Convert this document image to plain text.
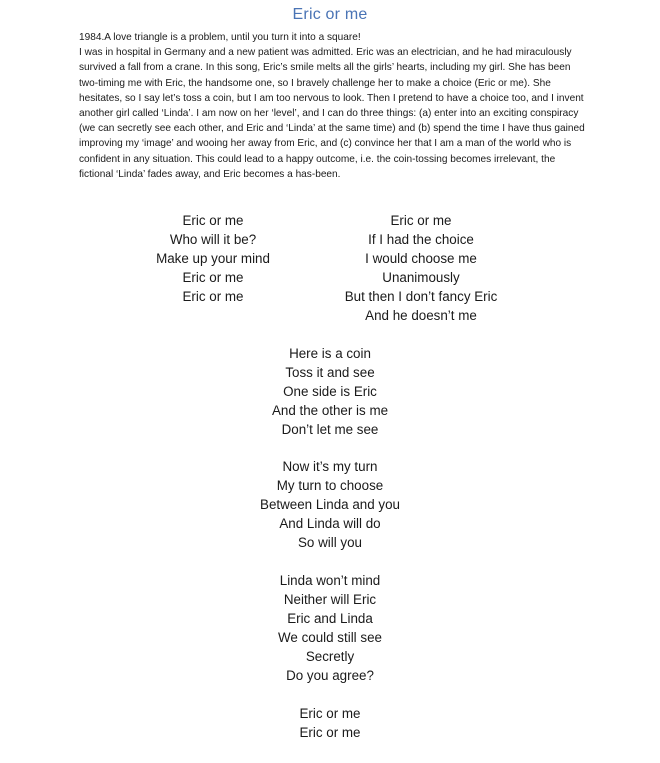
Eric or me

1984.A love triangle is a problem, until you turn it into a square!

I was in hospital in Germany and a new patient was admitted. Eric was an electrician, and he had miraculously survived a fall from a crane. In this song, Eric’s smile melts all the girls’ hearts, including my girl. She has been two-timing me with Eric, the handsome one, so I bravely challenge her to make a choice (Eric or me). She hesitates, so I say let’s toss a coin, but I am too nervous to look. Then I pretend to have a choice too, and I invent another girl called ‘Linda’. I am now on her ‘level’, and I can do three things: (a) enter into an exciting conspiracy (we can secretly see each other, and Eric and ‘Linda’ at the same time) and (b) spend the time I have thus gained improving my ‘image’ and wooing her away from Eric, and (c) convince her that I am a man of the world who is confident in any situation. This could lead to a happy outcome, i.e. the coin-tossing becomes irrelevant, the fictional ‘Linda’ fades away, and Eric becomes a has-been.

Eric or me
Who will it be?
Make up your mind
Eric or me
Eric or me
Eric or me
If I had the choice
I would choose me
Unanimously
But then I don’t fancy Eric
And he doesn’t me
Here is a coin
Toss it and see
One side is Eric
And the other is me
Don’t let me see
Now it’s my turn
My turn to choose
Between Linda and you
And Linda will do
So will you
Linda won’t mind
Neither will Eric
Eric and Linda
We could still see
Secretly
Do you agree?
Eric or me
Eric or me
